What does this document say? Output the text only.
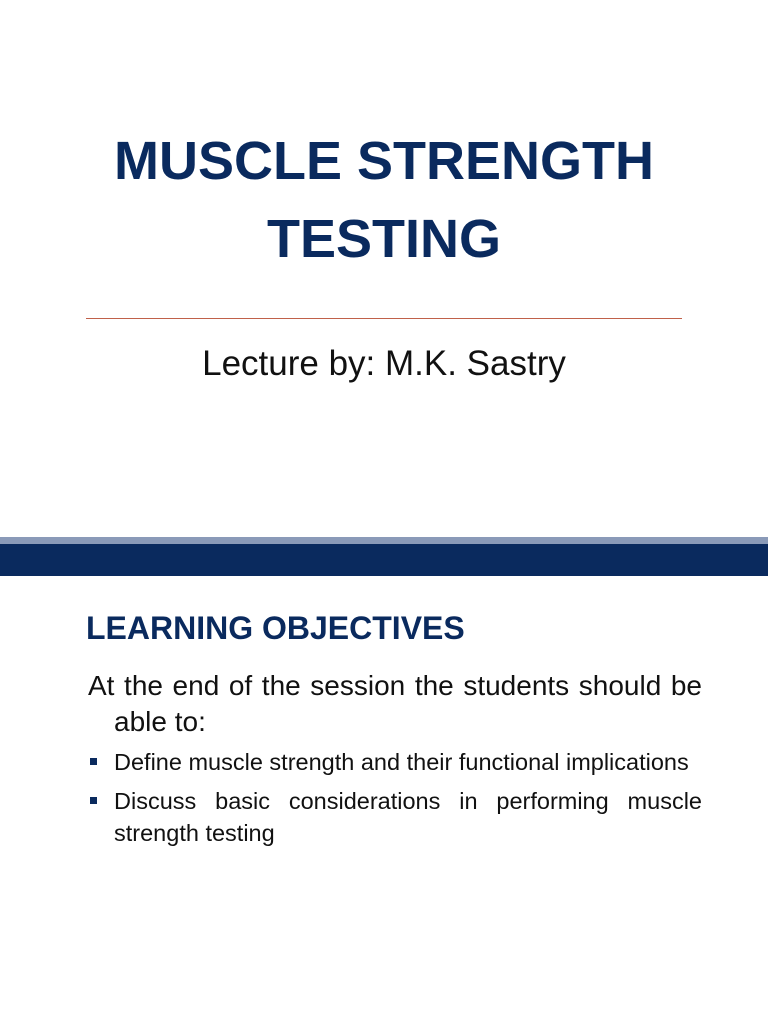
MUSCLE STRENGTH TESTING
Lecture by: M.K. Sastry
LEARNING OBJECTIVES

At the end of the session the students should be able to:

Define muscle strength and their functional implications
Discuss basic considerations in performing muscle strength testing
